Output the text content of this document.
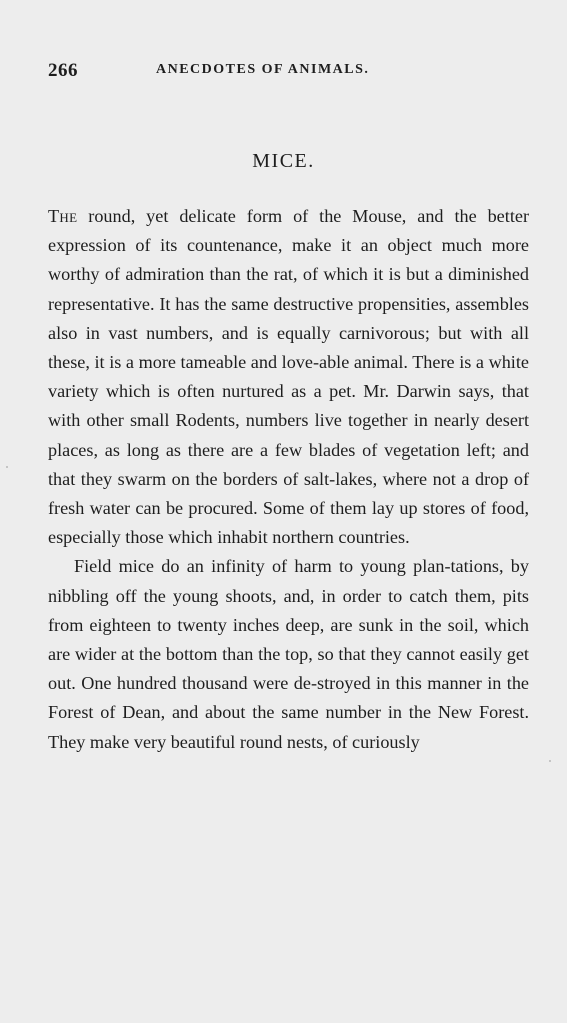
266	ANECDOTES OF ANIMALS.
MICE.

The round, yet delicate form of the Mouse, and the better expression of its countenance, make it an object much more worthy of admiration than the rat, of which it is but a diminished representative. It has the same destructive propensities, assembles also in vast numbers, and is equally carnivorous; but with all these, it is a more tameable and love-able animal. There is a white variety which is often nurtured as a pet. Mr. Darwin says, that with other small Rodents, numbers live together in nearly desert places, as long as there are a few blades of vegetation left; and that they swarm on the borders of salt-lakes, where not a drop of fresh water can be procured. Some of them lay up stores of food, especially those which inhabit northern countries.

Field mice do an infinity of harm to young plan-tations, by nibbling off the young shoots, and, in order to catch them, pits from eighteen to twenty inches deep, are sunk in the soil, which are wider at the bottom than the top, so that they cannot easily get out. One hundred thousand were de-stroyed in this manner in the Forest of Dean, and about the same number in the New Forest. They make very beautiful round nests, of curiously
